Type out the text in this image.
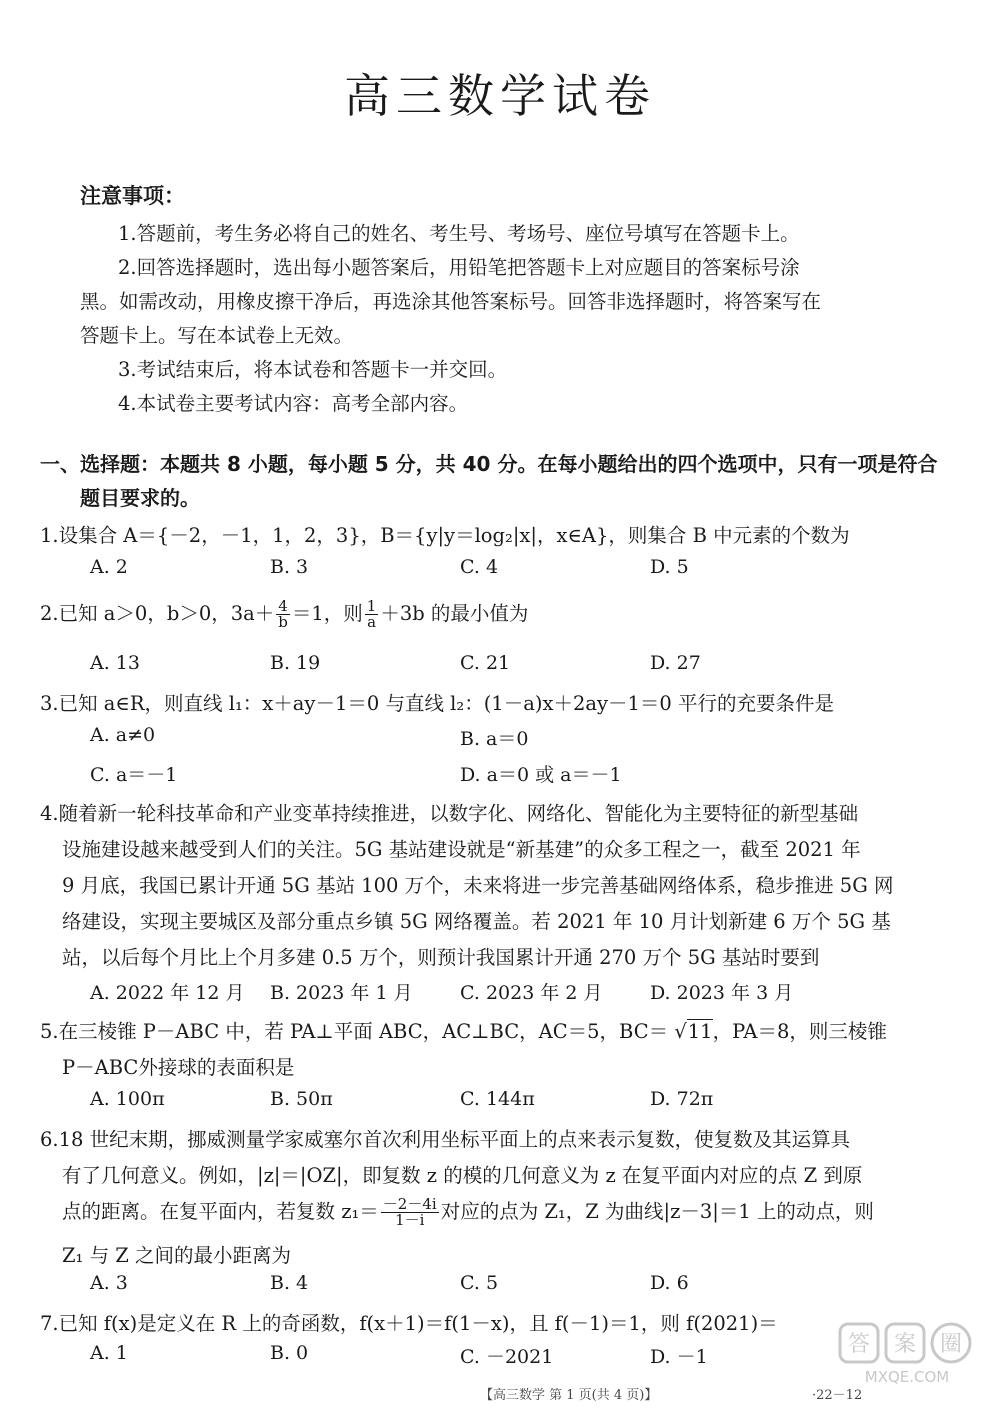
高三数学试卷
注意事项：
1.答题前，考生务必将自己的姓名、考生号、考场号、座位号填写在答题卡上。
2.回答选择题时，选出每小题答案后，用铅笔把答题卡上对应题目的答案标号涂
黑。如需改动，用橡皮擦干净后，再选涂其他答案标号。回答非选择题时，将答案写在
答题卡上。写在本试卷上无效。
3.考试结束后，将本试卷和答题卡一并交回。
4.本试卷主要考试内容：高考全部内容。
一、选择题：本题共 8 小题，每小题 5 分，共 40 分。在每小题给出的四个选项中，只有一项是符合
题目要求的。
1.设集合 A＝{－2，－1，1，2，3}，B＝{y|y＝log₂|x|，x∈A}，则集合 B 中元素的个数为
A. 2	B. 3	C. 4	D. 5
2.已知 a＞0，b＞0，$3a+ \frac{4}{b} =1$，则 $\frac{1}{a} +3b$ 的最小值为
A. 13	B. 19	C. 21	D. 27
3.已知 a∈R，则直线 l₁：x＋ay－1＝0 与直线 l₂：(1－a)x＋2ay－1＝0 平行的充要条件是
A. a≠0	B. a＝0
C. a＝－1	D. a＝0 或 a＝－1
4.随着新一轮科技革命和产业变革持续推进，以数字化、网络化、智能化为主要特征的新型基础
设施建设越来越受到人们的关注。5G 基站建设就是“新基建”的众多工程之一，截至 2021 年
9 月底，我国已累计开通 5G 基站 100 万个，未来将进一步完善基础网络体系，稳步推进 5G 网
络建设，实现主要城区及部分重点乡镇 5G 网络覆盖。若 2021 年 10 月计划新建 6 万个 5G 基
站，以后每个月比上个月多建 0.5 万个，则预计我国累计开通 270 万个 5G 基站时要到
A. 2022 年 12 月 B. 2023 年 1 月 C. 2023 年 2 月 D. 2023 年 3 月
5.在三棱锥 P－ABC 中，若 PA⊥平面 ABC，AC⊥BC，AC＝5，BC＝ √11，PA＝8，则三棱锥
P－ABC外接球的表面积是
A. 100π	B. 50π	C. 144π	D. 72π
6.18 世纪末期，挪威测量学家威塞尔首次利用坐标平面上的点来表示复数，使复数及其运算具
有了几何意义。例如，|z|＝|OZ|，即复数 z 的模的几何意义为 z 在复平面内对应的点 Z 到原
点的距离。在复平面内，若复数 $z_1= \frac{-2-4i}{1-i}$ 对应的点为 Z₁，Z 为曲线|z－3|＝1 上的动点，则
Z₁ 与 Z 之间的最小距离为
A. 3	B. 4	C. 5	D. 6
7.已知 f(x)是定义在 R 上的奇函数，f(x＋1)＝f(1－x)，且 f(－1)＝1，则 f(2021)＝
A. 1	B. 0	C. －2021	D. －1
【高三数学 第 1 页(共 4 页)】	·22－12
答 案 圈
MXQE.COM
